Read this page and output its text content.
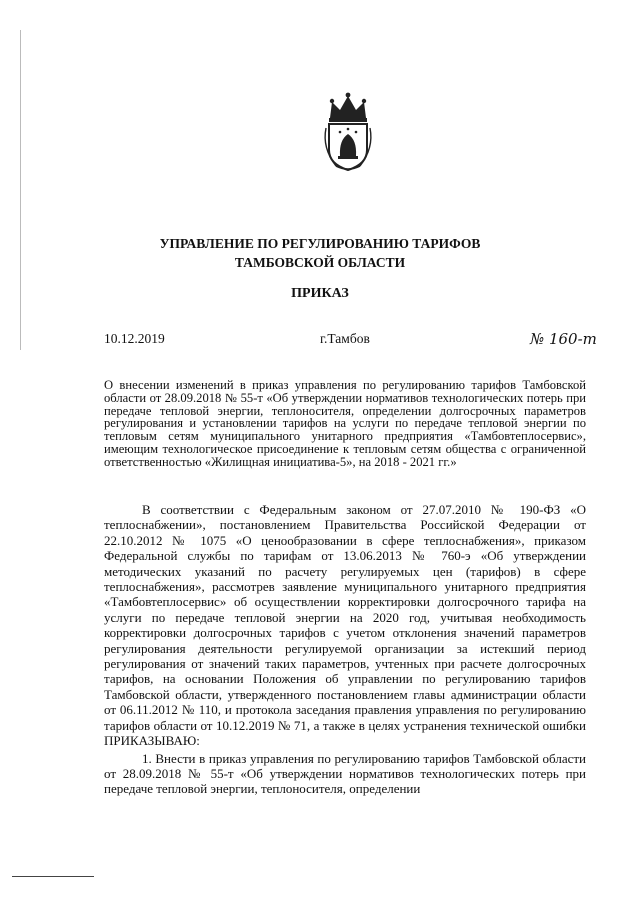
УПРАВЛЕНИЕ ПО РЕГУЛИРОВАНИЮ ТАРИФОВ
ТАМБОВСКОЙ ОБЛАСТИ
ПРИКАЗ
10.12.2019	г.Тамбов	№ 160-т
О внесении изменений в приказ управления по регулированию тарифов Тамбовской области от 28.09.2018 № 55-т «Об утверждении нормативов технологических потерь при передаче тепловой энергии, теплоносителя, определении долгосрочных параметров регулирования и установлении тарифов на услуги по передаче тепловой энергии по тепловым сетям муниципального унитарного предприятия «Тамбовтеплосервис», имеющим технологическое присоединение к тепловым сетям общества с ограниченной ответственностью «Жилищная инициатива-5», на 2018 - 2021 гг.»

В соответствии с Федеральным законом от 27.07.2010 № 190-ФЗ «О теплоснабжении», постановлением Правительства Российской Федерации от 22.10.2012 № 1075 «О ценообразовании в сфере теплоснабжения», приказом Федеральной службы по тарифам от 13.06.2013 № 760-э «Об утверждении методических указаний по расчету регулируемых цен (тарифов) в сфере теплоснабжения», рассмотрев заявление муниципального унитарного предприятия «Тамбовтеплосервис» об осуществлении корректировки долгосрочного тарифа на услуги по передаче тепловой энергии на 2020 год, учитывая необходимость корректировки долгосрочных тарифов с учетом отклонения значений параметров регулирования деятельности регулируемой организации за истекший период регулирования от значений таких параметров, учтенных при расчете долгосрочных тарифов, на основании Положения об управлении по регулированию тарифов Тамбовской области, утвержденного постановлением главы администрации области от 06.11.2012 № 110, и протокола заседания правления управления по регулированию тарифов области от 10.12.2019 № 71, а также в целях устранения технической ошибки ПРИКАЗЫВАЮ:

1. Внести в приказ управления по регулированию тарифов Тамбовской области от 28.09.2018 № 55-т «Об утверждении нормативов технологических потерь при передаче тепловой энергии, теплоносителя, определении
